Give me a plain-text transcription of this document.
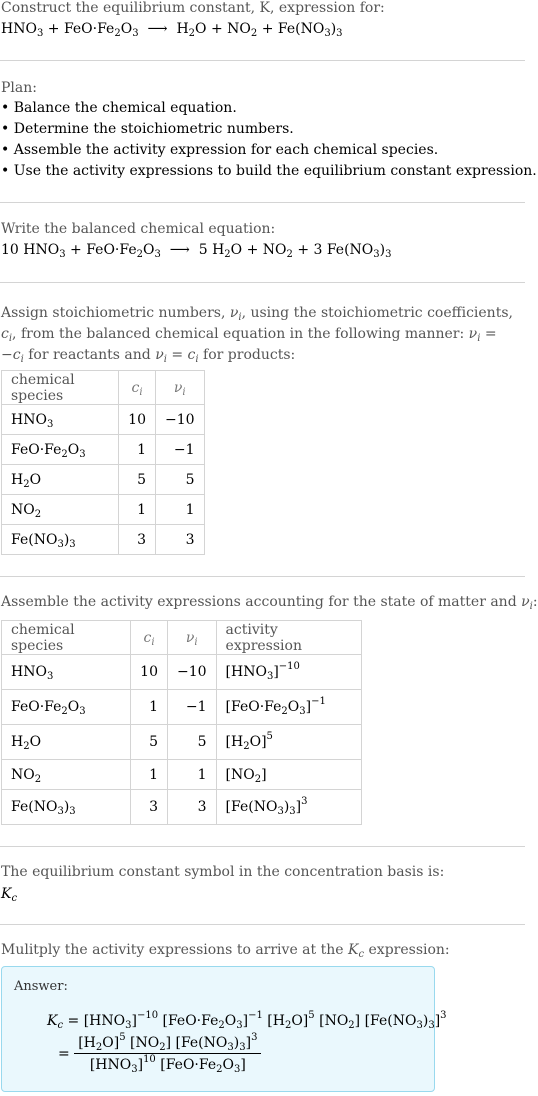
Construct the equilibrium constant, K, expression for:
$HNO_3 + FeO\cdot Fe_2O_3$  ⟶  $H_2O + NO_2 + Fe(NO_3)_3$
Plan:
• Balance the chemical equation.
• Determine the stoichiometric numbers.
• Assemble the activity expression for each chemical species.
• Use the activity expressions to build the equilibrium constant expression.
Write the balanced chemical equation:
10 $HNO_3 + FeO\cdot Fe_2O_3$  ⟶  5 $H_2O + NO_2 + 3$ $Fe(NO_3)_3$
Assign stoichiometric numbers, $\nu_i$, using the stoichiometric coefficients, $c_i$, from the balanced chemical equation in the following manner: $\nu_i = -c_i$ for reactants and $\nu_i = c_i$ for products:
chemical species	$c_i$	$\nu_i$
$HNO_3$	10	−10
$FeO\cdot Fe_2O_3$	1	−1
$H_2O$	5	5
$NO_2$	1	1
$Fe(NO_3)_3$	3	3
Assemble the activity expressions accounting for the state of matter and $\nu_i$:
chemical species	$c_i$	$\nu_i$	activity expression
$HNO_3$	10	−10	$[HNO_3]^{-10}$
$FeO\cdot Fe_2O_3$	1	−1	$[FeO\cdot Fe_2O_3]^{-1}$
$H_2O$	5	5	$[H_2O]^5$
$NO_2$	1	1	$[NO_2]$
$Fe(NO_3)_3$	3	3	$[Fe(NO_3)_3]^3$
The equilibrium constant symbol in the concentration basis is:
$K_c$
Mulitply the activity expressions to arrive at the $K_c$ expression:
Answer:
$K_c = [HNO_3]^{-10}$ $[FeO\cdot Fe_2O_3]^{-1}$ $[H_2O]^5$ $[NO_2]$ $[Fe(NO_3)_3]^3$
= $\frac{[H_2O]^5 [NO_2] [Fe(NO_3)_3]^3}{[HNO_3]^{10} [FeO\cdot Fe_2O_3]}$
